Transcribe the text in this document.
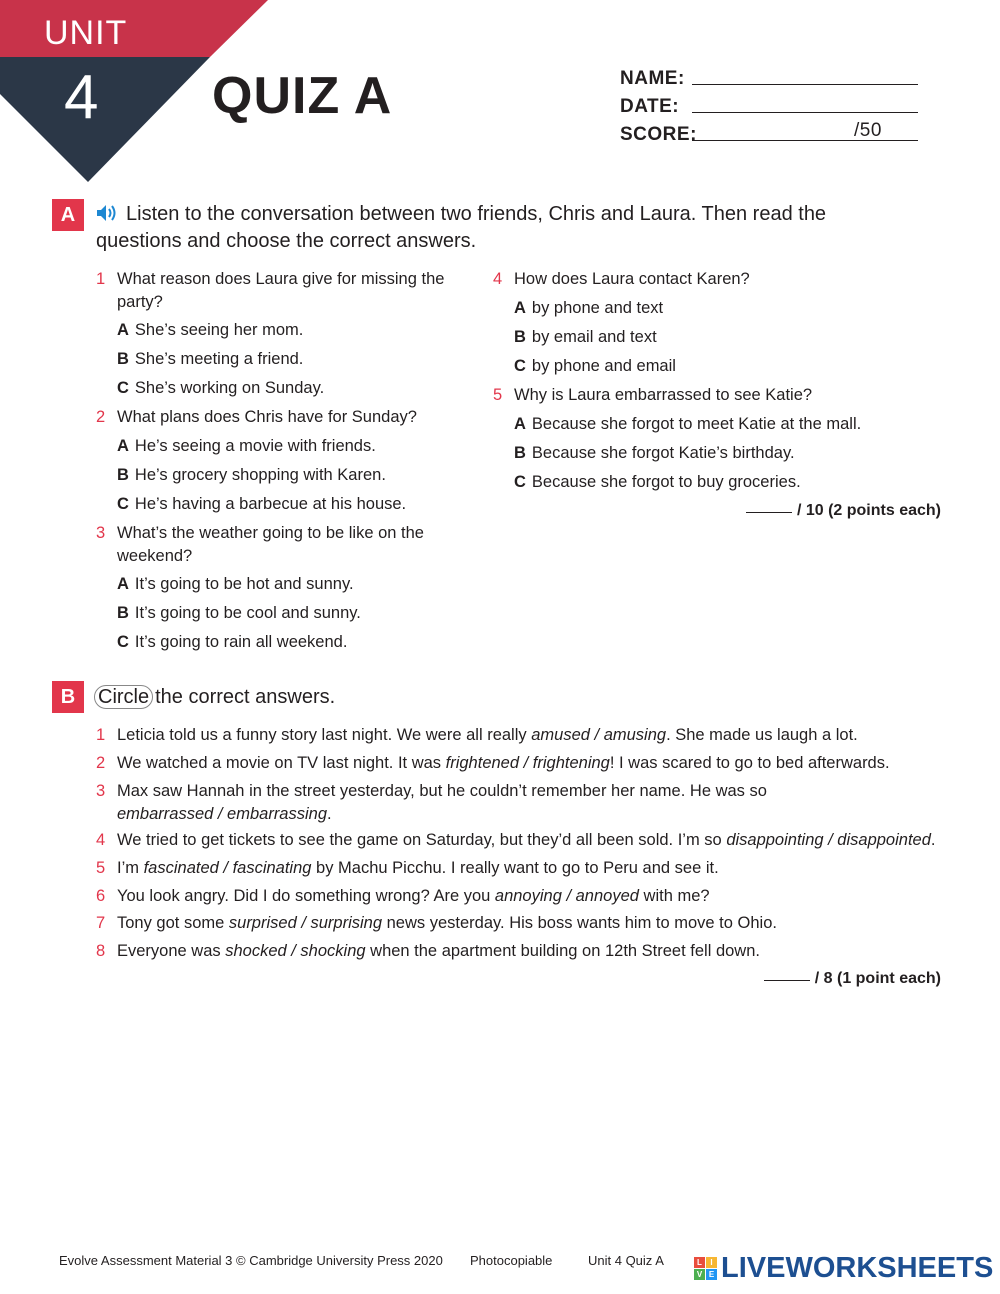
UNIT
4 QUIZ A	NAME:
DATE:
SCORE:	/50
A	Listen to the conversation between two friends, Chris and Laura. Then read the questions and choose the correct answers.
1 What reason does Laura give for missing the party?
A She’s seeing her mom.
B She’s meeting a friend.
C She’s working on Sunday.
2 What plans does Chris have for Sunday?
A He’s seeing a movie with friends.
B He’s grocery shopping with Karen.
C He’s having a barbecue at his house.
3 What’s the weather going to be like on the weekend?
A It’s going to be hot and sunny.
B It’s going to be cool and sunny.
C It’s going to rain all weekend.
4 How does Laura contact Karen?
A by phone and text
B by email and text
C by phone and email
5 Why is Laura embarrassed to see Katie?
A Because she forgot to meet Katie at the mall.
B Because she forgot Katie’s birthday.
C Because she forgot to buy groceries.
/ 10 (2 points each)
B	Circle the correct answers.
1 Leticia told us a funny story last night. We were all really amused / amusing. She made us laugh a lot.
2 We watched a movie on TV last night. It was frightened / frightening! I was scared to go to bed afterwards.
3 Max saw Hannah in the street yesterday, but he couldn’t remember her name. He was so embarrassed / embarrassing.
4 We tried to get tickets to see the game on Saturday, but they’d all been sold. I’m so disappointing / disappointed.
5 I’m fascinated / fascinating by Machu Picchu. I really want to go to Peru and see it.
6 You look angry. Did I do something wrong? Are you annoying / annoyed with me?
7 Tony got some surprised / surprising news yesterday. His boss wants him to move to Ohio.
8 Everyone was shocked / shocking when the apartment building on 12th Street fell down.
/ 8 (1 point each)
Evolve Assessment Material 3 © Cambridge University Press 2020 Photocopiable	Unit 4 Quiz A	L	I
V E LIVEWORKSHEETS
